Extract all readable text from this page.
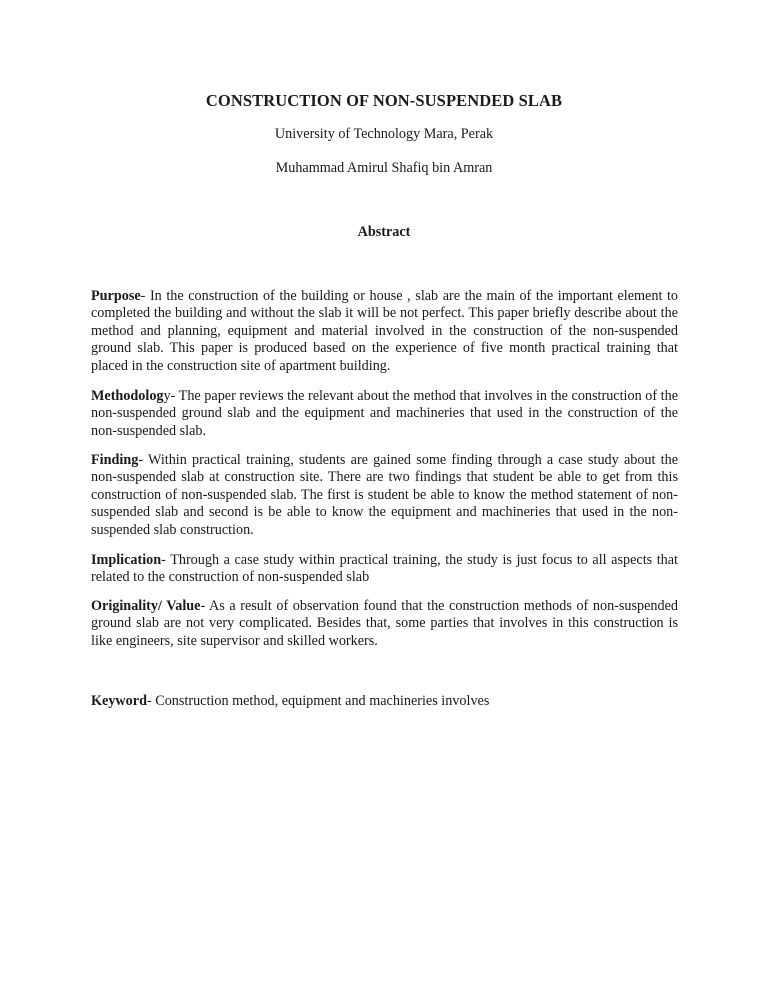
CONSTRUCTION OF NON-SUSPENDED SLAB
University of Technology Mara, Perak
Muhammad Amirul Shafiq bin Amran
Abstract

Purpose- In the construction of the building or house , slab are the main of the important element to completed the building and without the slab it will be not perfect. This paper briefly describe about the method and planning, equipment and material involved in the construction of the non-suspended ground slab. This paper is produced based on the experience of five month practical training that placed in the construction site of apartment building.

Methodology- The paper reviews the relevant about the method that involves in the construction of the non-suspended ground slab and the equipment and machineries that used in the construction of the non-suspended slab.

Finding- Within practical training, students are gained some finding through a case study about the non-suspended slab at construction site. There are two findings that student be able to get from this construction of non-suspended slab. The first is student be able to know the method statement of non-suspended slab and second is be able to know the equipment and machineries that used in the non-suspended slab construction.

Implication- Through a case study within practical training, the study is just focus to all aspects that related to the construction of non-suspended slab

Originality/ Value- As a result of observation found that the construction methods of non-suspended ground slab are not very complicated. Besides that, some parties that involves in this construction is like engineers, site supervisor and skilled workers.

Keyword- Construction method, equipment and machineries involves
